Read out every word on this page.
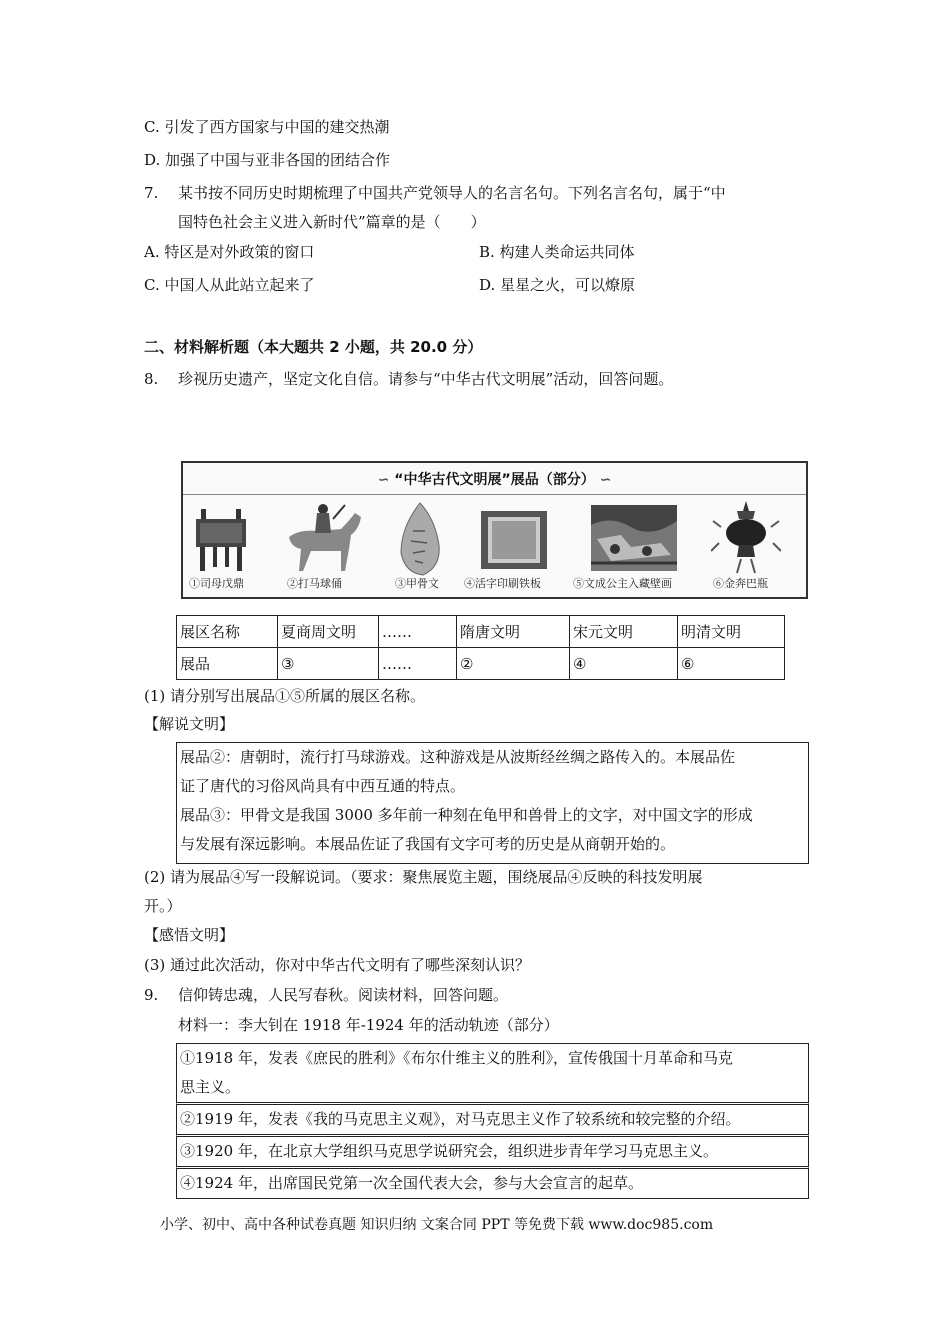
C. 引发了西方国家与中国的建交热潮
D. 加强了中国与亚非各国的团结合作
7. 某书按不同历史时期梳理了中国共产党领导人的名言名句。下列名言名句，属于“中
国特色社会主义进入新时代”篇章的是（　　）
A. 特区是对外政策的窗口	B. 构建人类命运共同体
C. 中国人从此站立起来了	D. 星星之火，可以燎原
二、材料解析题（本大题共 2 小题，共 20.0 分）
8. 珍视历史遗产，坚定文化自信。请参与“中华古代文明展”活动，回答问题。
∽ “中华古代文明展”展品（部分） ∽
①司母戊鼎	②打马球俑	③甲骨文 ④活字印刷铁板	⑤文成公主入藏壁画	⑥金奔巴瓶
展区名称	夏商周文明	……	隋唐文明	宋元文明	明清文明
展品	③	……	②	④	⑥
(1) 请分别写出展品①⑤所属的展区名称。
【解说文明】
展品②：唐朝时，流行打马球游戏。这种游戏是从波斯经丝绸之路传入的。本展品佐
证了唐代的习俗风尚具有中西互通的特点。
展品③：甲骨文是我国 3000 多年前一种刻在龟甲和兽骨上的文字，对中国文字的形成
与发展有深远影响。本展品佐证了我国有文字可考的历史是从商朝开始的。
(2) 请为展品④写一段解说词。（要求：聚焦展览主题，围绕展品④反映的科技发明展
开。）
【感悟文明】
(3) 通过此次活动，你对中华古代文明有了哪些深刻认识？
9. 信仰铸忠魂，人民写春秋。阅读材料，回答问题。
材料一：李大钊在 1918 年-1924 年的活动轨迹（部分）
①1918 年，发表《庶民的胜利》《布尔什维主义的胜利》，宣传俄国十月革命和马克
思主义。
②1919 年，发表《我的马克思主义观》，对马克思主义作了较系统和较完整的介绍。
③1920 年，在北京大学组织马克思学说研究会，组织进步青年学习马克思主义。
④1924 年，出席国民党第一次全国代表大会，参与大会宣言的起草。
小学、初中、高中各种试卷真题 知识归纳 文案合同 PPT 等免费下载 www.doc985.com
